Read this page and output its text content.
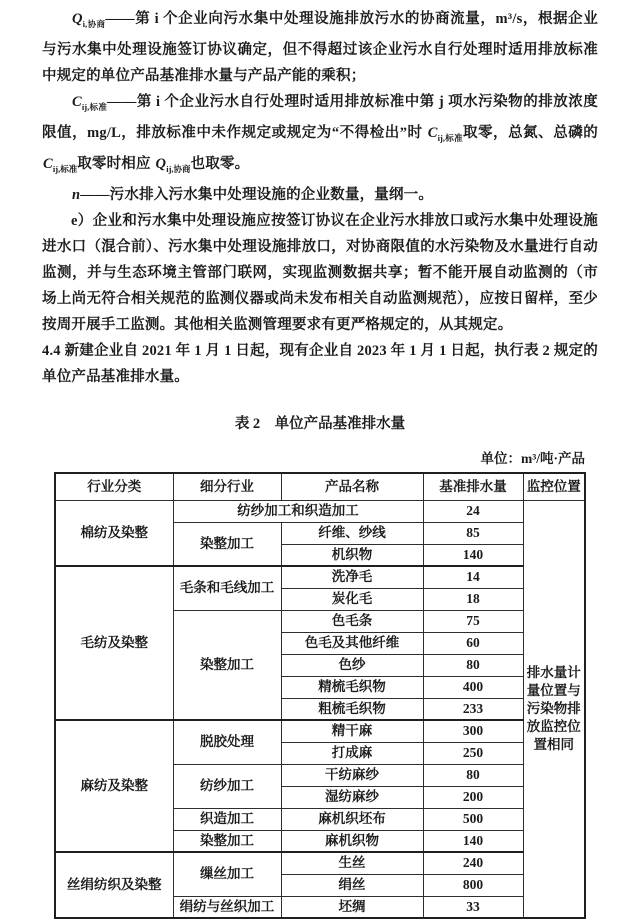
$Q_{i,协商}——$第 i 个企业向污水集中处理设施排放污水的协商流量，m³/s，根据企业与污水集中处理设施签订协议确定，但不得超过该企业污水自行处理时适用排放标准中规定的单位产品基准排水量与产品产能的乘积；

$C_{ij,标准}——$第 i 个企业污水自行处理时适用排放标准中第 j 项水污染物的排放浓度限值，mg/L，排放标准中未作规定或规定为“不得检出”时 $C_{ij,标准}$取零，总氮、总磷的 $C_{ij,标准}$取零时相应 $Q_{ij,协商}$也取零。

n——污水排入污水集中处理设施的企业数量，量纲一。

e）企业和污水集中处理设施应按签订协议在企业污水排放口或污水集中处理设施进水口（混合前）、污水集中处理设施排放口，对协商限值的水污染物及水量进行自动监测，并与生态环境主管部门联网，实现监测数据共享；暂不能开展自动监测的（市场上尚无符合相关规范的监测仪器或尚未发布相关自动监测规范），应按日留样，至少按周开展手工监测。其他相关监测管理要求有更严格规定的，从其规定。

4.4 新建企业自 2021 年 1 月 1 日起，现有企业自 2023 年 1 月 1 日起，执行表 2 规定的单位产品基准排水量。

表 2　单位产品基准排水量
单位：m³/吨·产品
行业分类	细分行业	产品名称	基准排水量	监控位置
棉纺及染整	纺纱加工和织造加工		24	排水量计量位置与污染物排放监控位置相同
	染整加工	纤维、纱线	85	
		机织物	140	
毛纺及染整	毛条和毛线加工	洗净毛	14	
		炭化毛	18	
	染整加工	色毛条	75	
		色毛及其他纤维	60	
		色纱	80	
		精梳毛织物	400	
		粗梳毛织物	233	
麻纺及染整	脱胶处理	精干麻	300	
		打成麻	250	
	纺纱加工	干纺麻纱	80	
		湿纺麻纱	200	
	织造加工	麻机织坯布	500	
	染整加工	麻机织物	140	
丝绢纺织及染整	缫丝加工	生丝	240	
		绢丝	800	
	绢纺与丝织加工	坯绸	33	
